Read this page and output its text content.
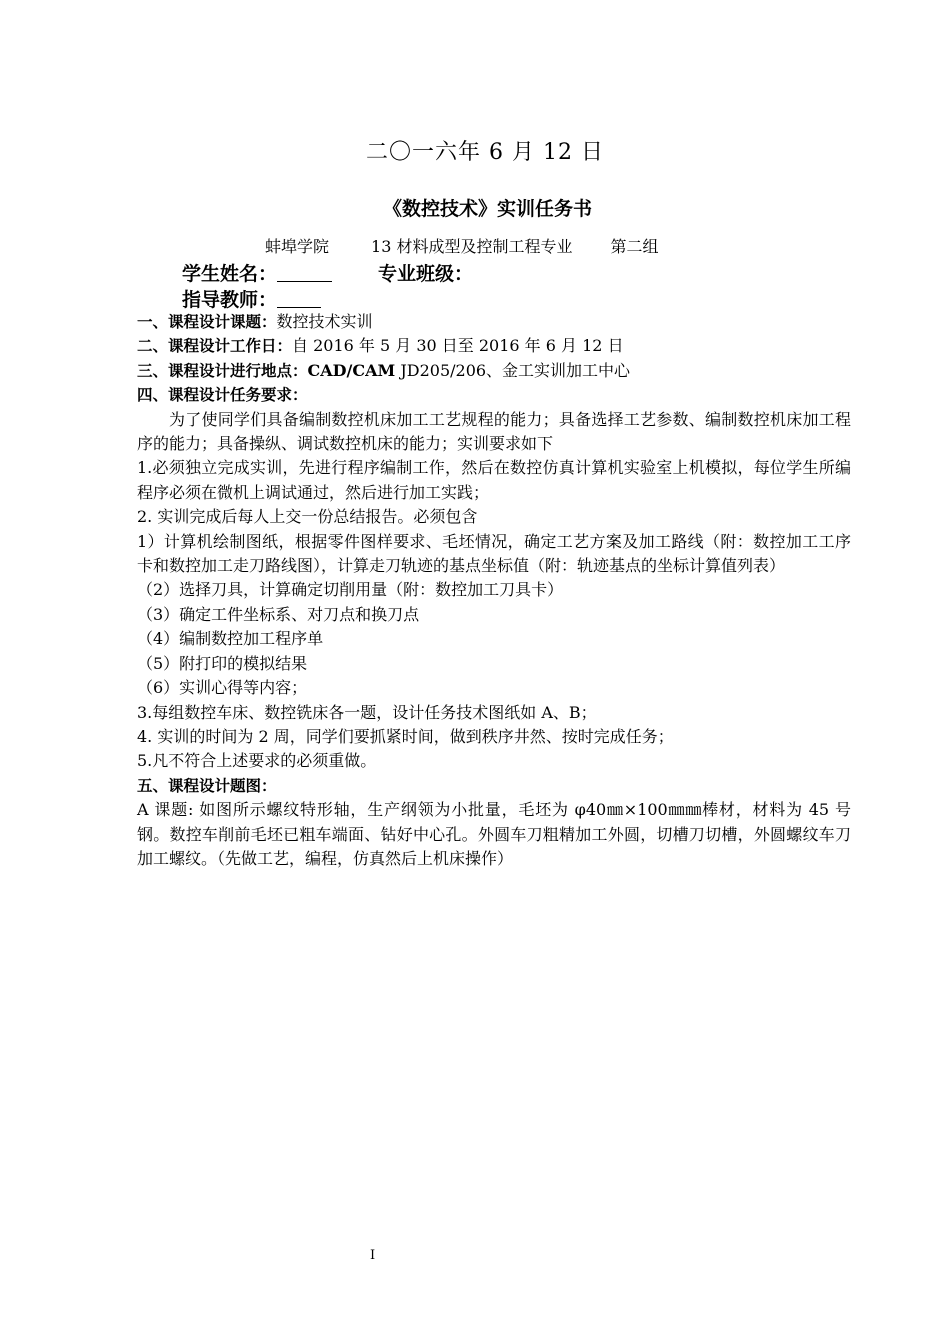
二〇一六年 6 月 12 日
《数控技术》实训任务书
蚌埠学院	13 材料成型及控制工程专业 第二组
学生姓名：	专业班级：
指导教师：

一、课程设计课题：数控技术实训

二、课程设计工作日：自 2016 年 5 月 30 日至 2016 年 6 月 12 日

三、课程设计进行地点：CAD/CAM JD205/206、金工实训加工中心

四、课程设计任务要求：

为了使同学们具备编制数控机床加工工艺规程的能力；具备选择工艺参数、编制数控机床加工程序的能力；具备操纵、调试数控机床的能力；实训要求如下

1.必须独立完成实训，先进行程序编制工作，然后在数控仿真计算机实验室上机模拟，每位学生所编程序必须在微机上调试通过，然后进行加工实践；

2. 实训完成后每人上交一份总结报告。必须包含

1）计算机绘制图纸，根据零件图样要求、毛坯情况，确定工艺方案及加工路线（附：数控加工工序卡和数控加工走刀路线图），计算走刀轨迹的基点坐标值（附：轨迹基点的坐标计算值列表）

（2）选择刀具，计算确定切削用量（附：数控加工刀具卡）

（3）确定工件坐标系、对刀点和换刀点

（4）编制数控加工程序单

（5）附打印的模拟结果

（6）实训心得等内容；

3.每组数控车床、数控铣床各一题，设计任务技术图纸如 A、B；

4. 实训的时间为 2 周，同学们要抓紧时间，做到秩序井然、按时完成任务；

5.凡不符合上述要求的必须重做。

五、课程设计题图：

A 课题: 如图所示螺纹特形轴，生产纲领为小批量，毛坯为 φ40㎜×100㎜㎜棒材，材料为 45 号钢。数控车削前毛坯已粗车端面、钻好中心孔。外圆车刀粗精加工外圆，切槽刀切槽，外圆螺纹车刀加工螺纹。（先做工艺，编程，仿真然后上机床操作）

I
